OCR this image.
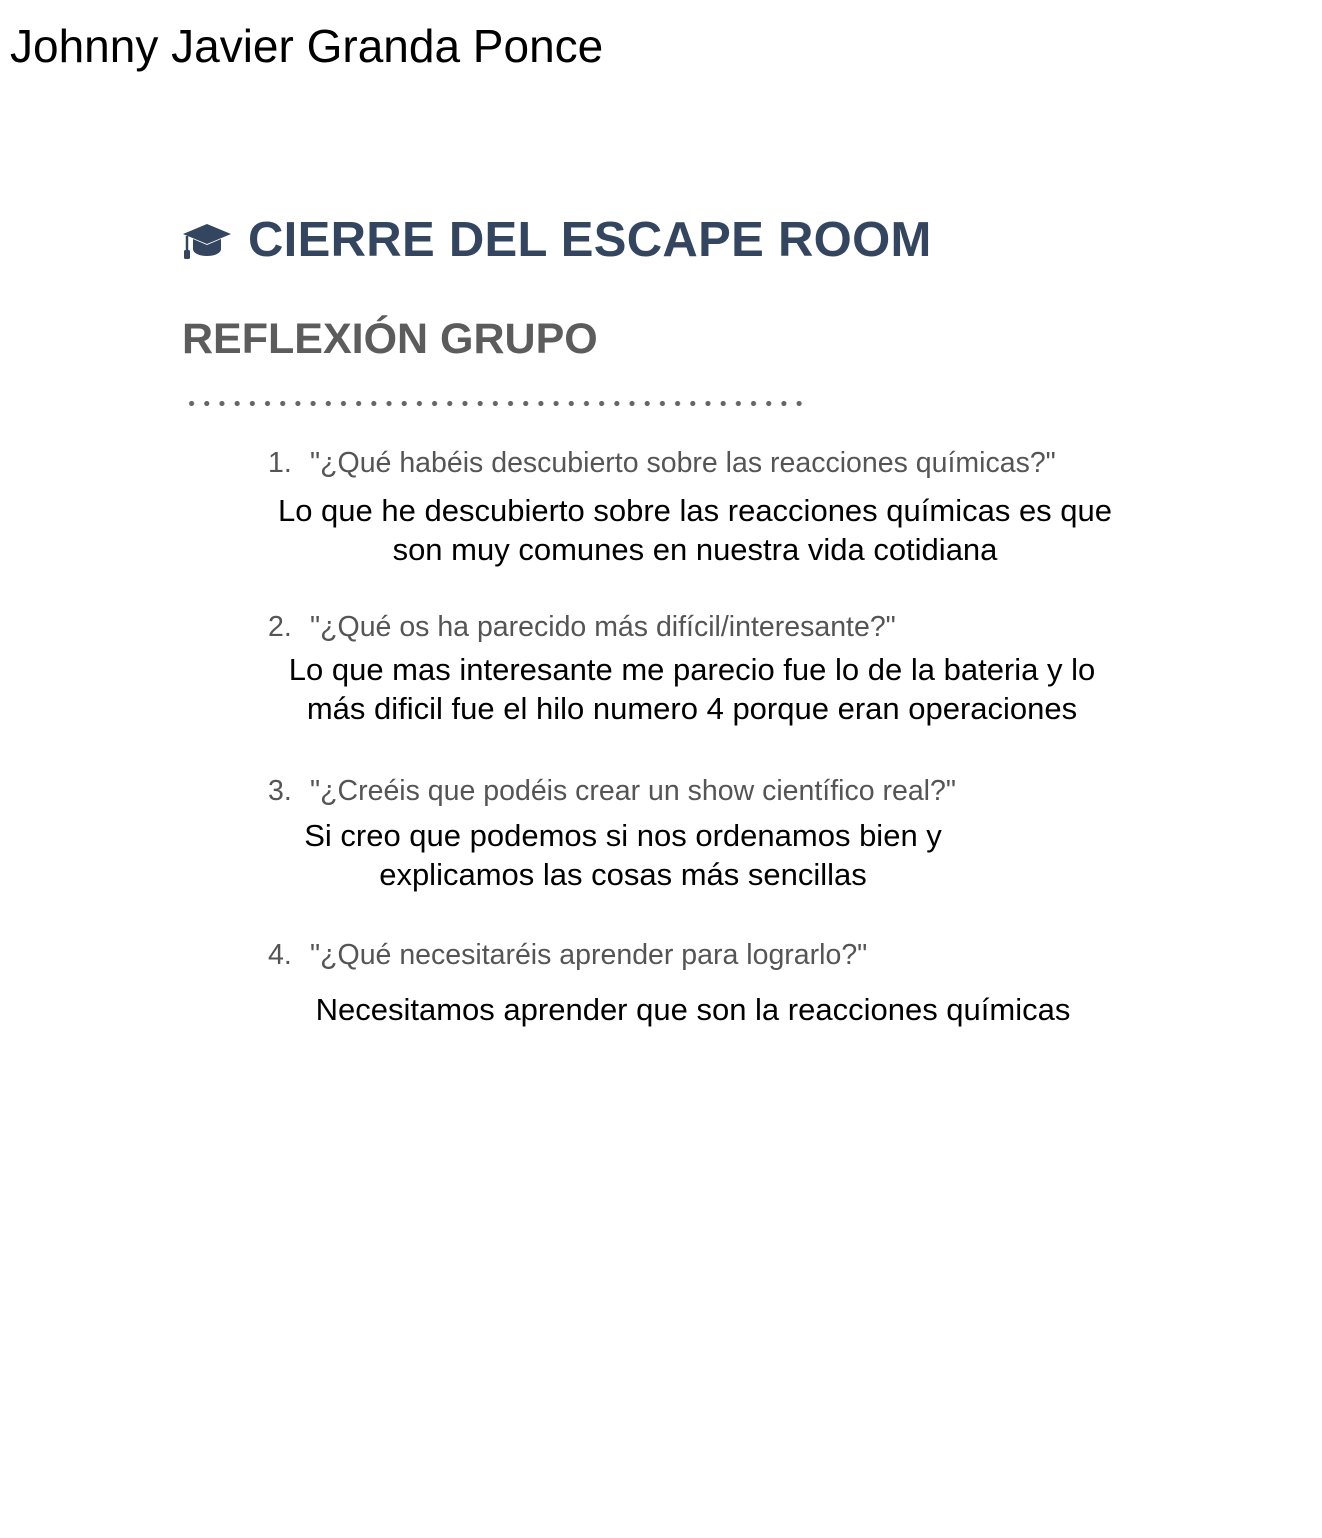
Johnny Javier Granda Ponce
CIERRE DEL ESCAPE ROOM
REFLEXIÓN GRUPO

1. "¿Qué habéis descubierto sobre las reacciones químicas?"

Lo que he descubierto sobre las reacciones químicas es que son muy comunes en nuestra vida cotidiana

2. "¿Qué os ha parecido más difícil/interesante?"

Lo que mas interesante me parecio fue lo de la bateria y lo más dificil fue el hilo numero 4 porque eran operaciones

3. "¿Creéis que podéis crear un show científico real?"

Si creo que podemos si nos ordenamos bien y explicamos las cosas más sencillas

4. "¿Qué necesitaréis aprender para lograrlo?"

Necesitamos aprender que son la reacciones químicas
